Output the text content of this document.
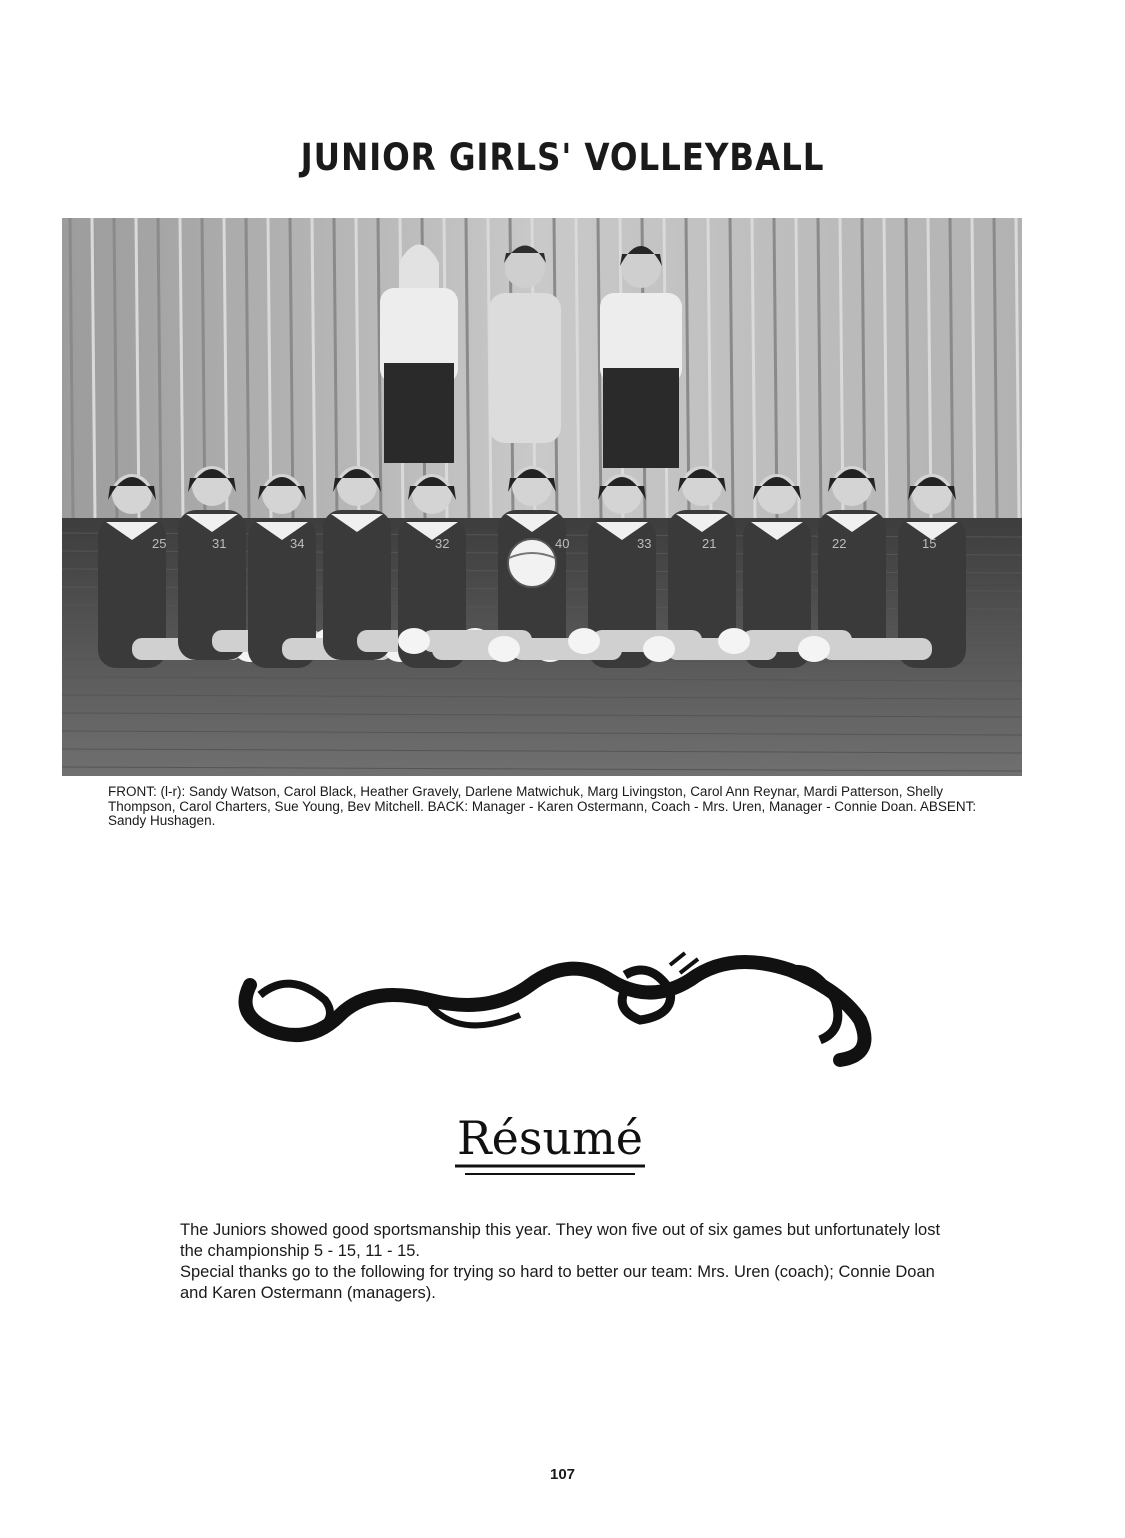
JUNIOR GIRLS' VOLLEYBALL
25	31	34	32	40	33	21	22	15

FRONT: (l-r): Sandy Watson, Carol Black, Heather Gravely, Darlene Matwichuk, Marg Livingston, Carol Ann Reynar, Mardi Patterson, Shelly Thompson, Carol Charters, Sue Young, Bev Mitchell. BACK: Manager - Karen Ostermann, Coach - Mrs. Uren, Manager - Connie Doan. ABSENT: Sandy Hushagen.

Résumé

The Juniors showed good sportsmanship this year. They won five out of six games but unfortunately lost the championship 5 - 15, 11 - 15.

Special thanks go to the following for trying so hard to better our team: Mrs. Uren (coach); Connie Doan and Karen Ostermann (managers).

107
